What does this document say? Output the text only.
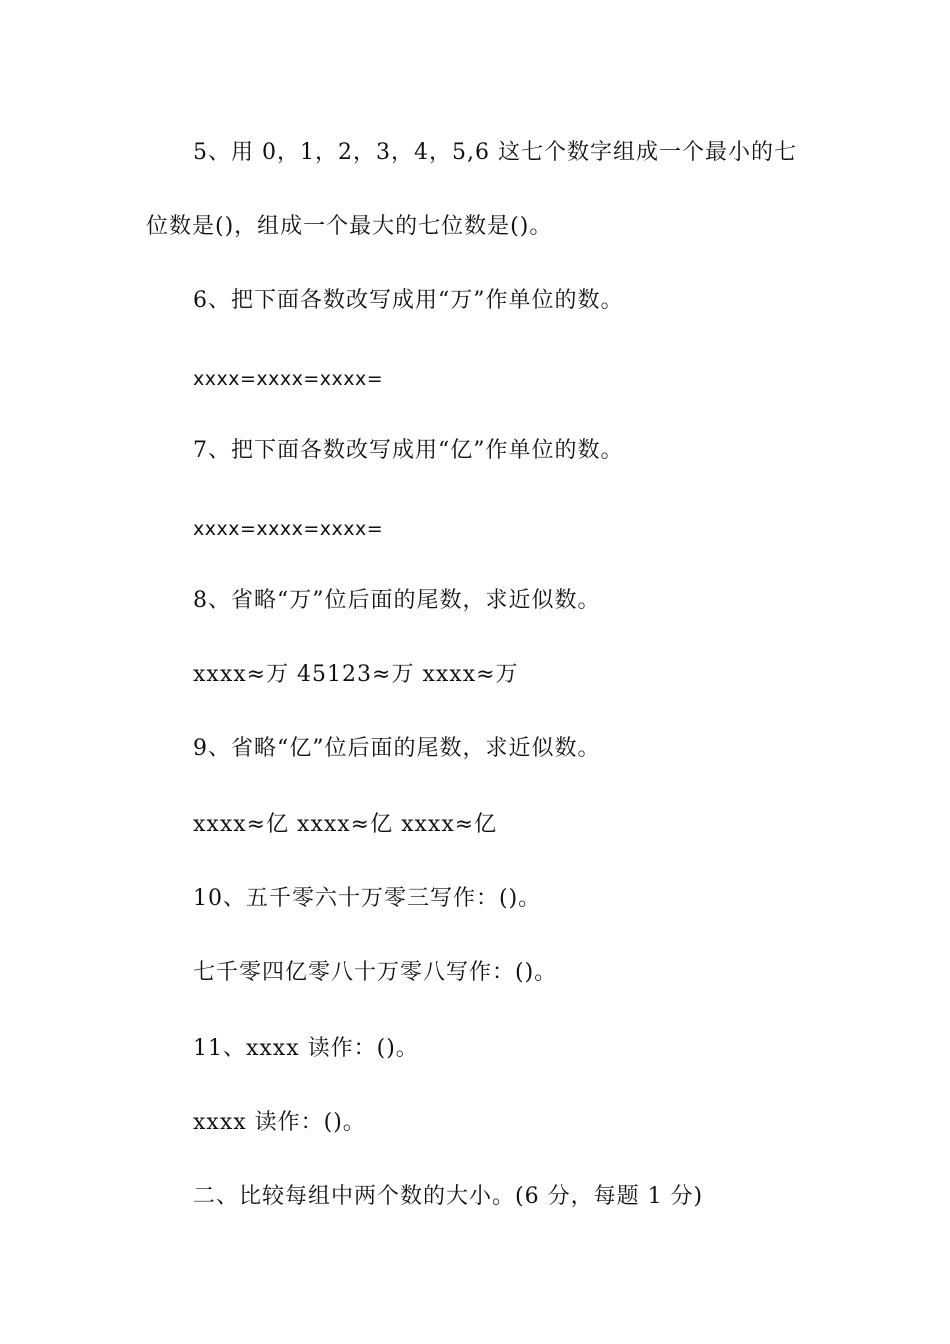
5、用 0，1，2，3，4，5,6 这七个数字组成一个最小的七
位数是()，组成一个最大的七位数是()。
6、把下面各数改写成用“万”作单位的数。
xxxx=xxxx=xxxx=
7、把下面各数改写成用“亿”作单位的数。
xxxx=xxxx=xxxx=
8、省略“万”位后面的尾数，求近似数。
xxxx≈万 45123≈万 xxxx≈万
9、省略“亿”位后面的尾数，求近似数。
xxxx≈亿 xxxx≈亿 xxxx≈亿
10、五千零六十万零三写作：()。
七千零四亿零八十万零八写作：()。
11、xxxx 读作：()。
xxxx 读作：()。
二、比较每组中两个数的大小。(6 分，每题 1 分)
